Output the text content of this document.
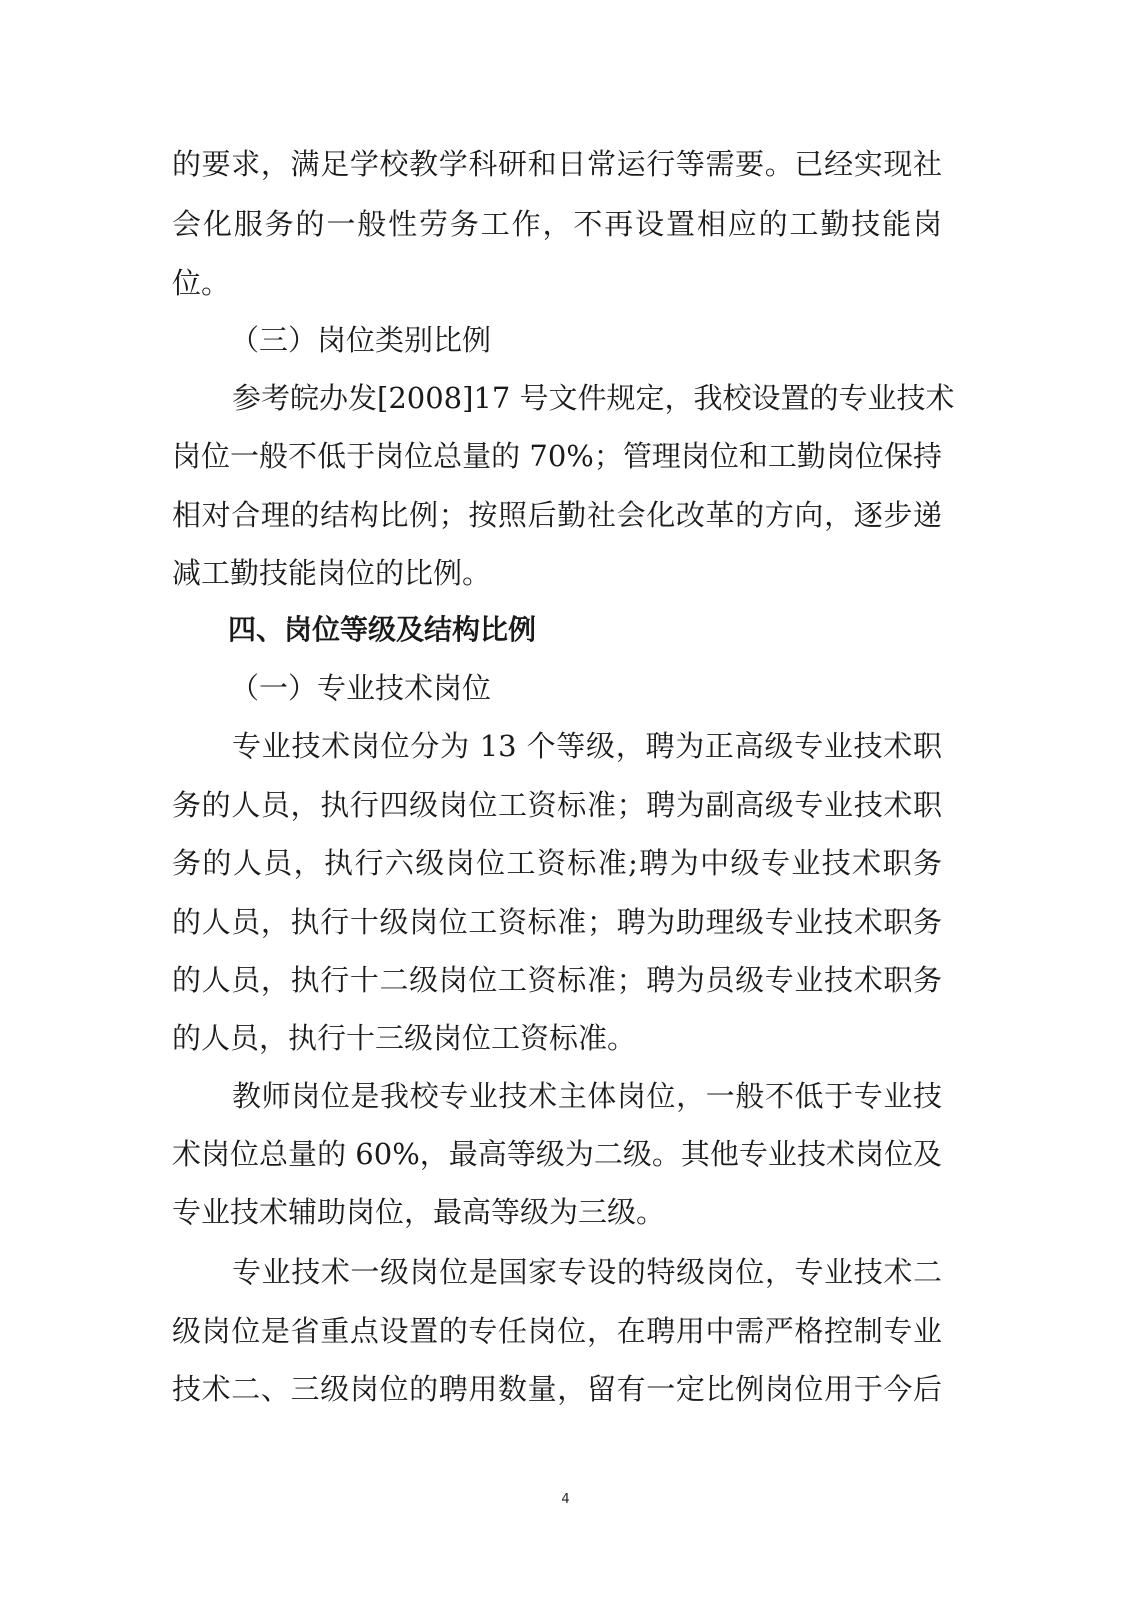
的要求，满足学校教学科研和日常运行等需要。已经实现社
会化服务的一般性劳务工作，不再设置相应的工勤技能岗
位。
（三）岗位类别比例
参考皖办发[2008]17 号文件规定，我校设置的专业技术
岗位一般不低于岗位总量的 70%；管理岗位和工勤岗位保持
相对合理的结构比例；按照后勤社会化改革的方向，逐步递
减工勤技能岗位的比例。
四、岗位等级及结构比例
（一）专业技术岗位
专业技术岗位分为 13 个等级，聘为正高级专业技术职
务的人员，执行四级岗位工资标准；聘为副高级专业技术职
务的人员，执行六级岗位工资标准;聘为中级专业技术职务
的人员，执行十级岗位工资标准；聘为助理级专业技术职务
的人员，执行十二级岗位工资标准；聘为员级专业技术职务
的人员，执行十三级岗位工资标准。
教师岗位是我校专业技术主体岗位，一般不低于专业技
术岗位总量的 60%，最高等级为二级。其他专业技术岗位及
专业技术辅助岗位，最高等级为三级。
专业技术一级岗位是国家专设的特级岗位，专业技术二
级岗位是省重点设置的专任岗位，在聘用中需严格控制专业
技术二、三级岗位的聘用数量，留有一定比例岗位用于今后
4
